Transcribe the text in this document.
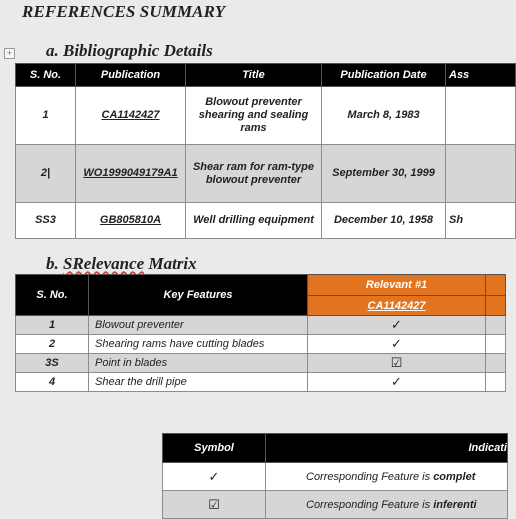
REFERENCES SUMMARY
+ a. Bibliographic Details
S. No.	Publication	Title	Publication Date	Ass
1	CA1142427	Blowout preventer shearing and sealing rams	March 8, 1983	
2|	WO1999049179A1	Shear ram for ram-type blowout preventer	September 30, 1999	
SS3	GB805810A	Well drilling equipment	December 10, 1958	Sh
b. SRelevance Matrix
S. No.	Key Features	Relevant #1	
		CA1142427	
1	Blowout preventer	✓	
2	Shearing rams have cutting blades	✓	
3S	Point in blades	☑	
4	Shear the drill pipe	✓	
Symbol	Indicati
✓	Corresponding Feature is complet
☑	Corresponding Feature is inferenti
